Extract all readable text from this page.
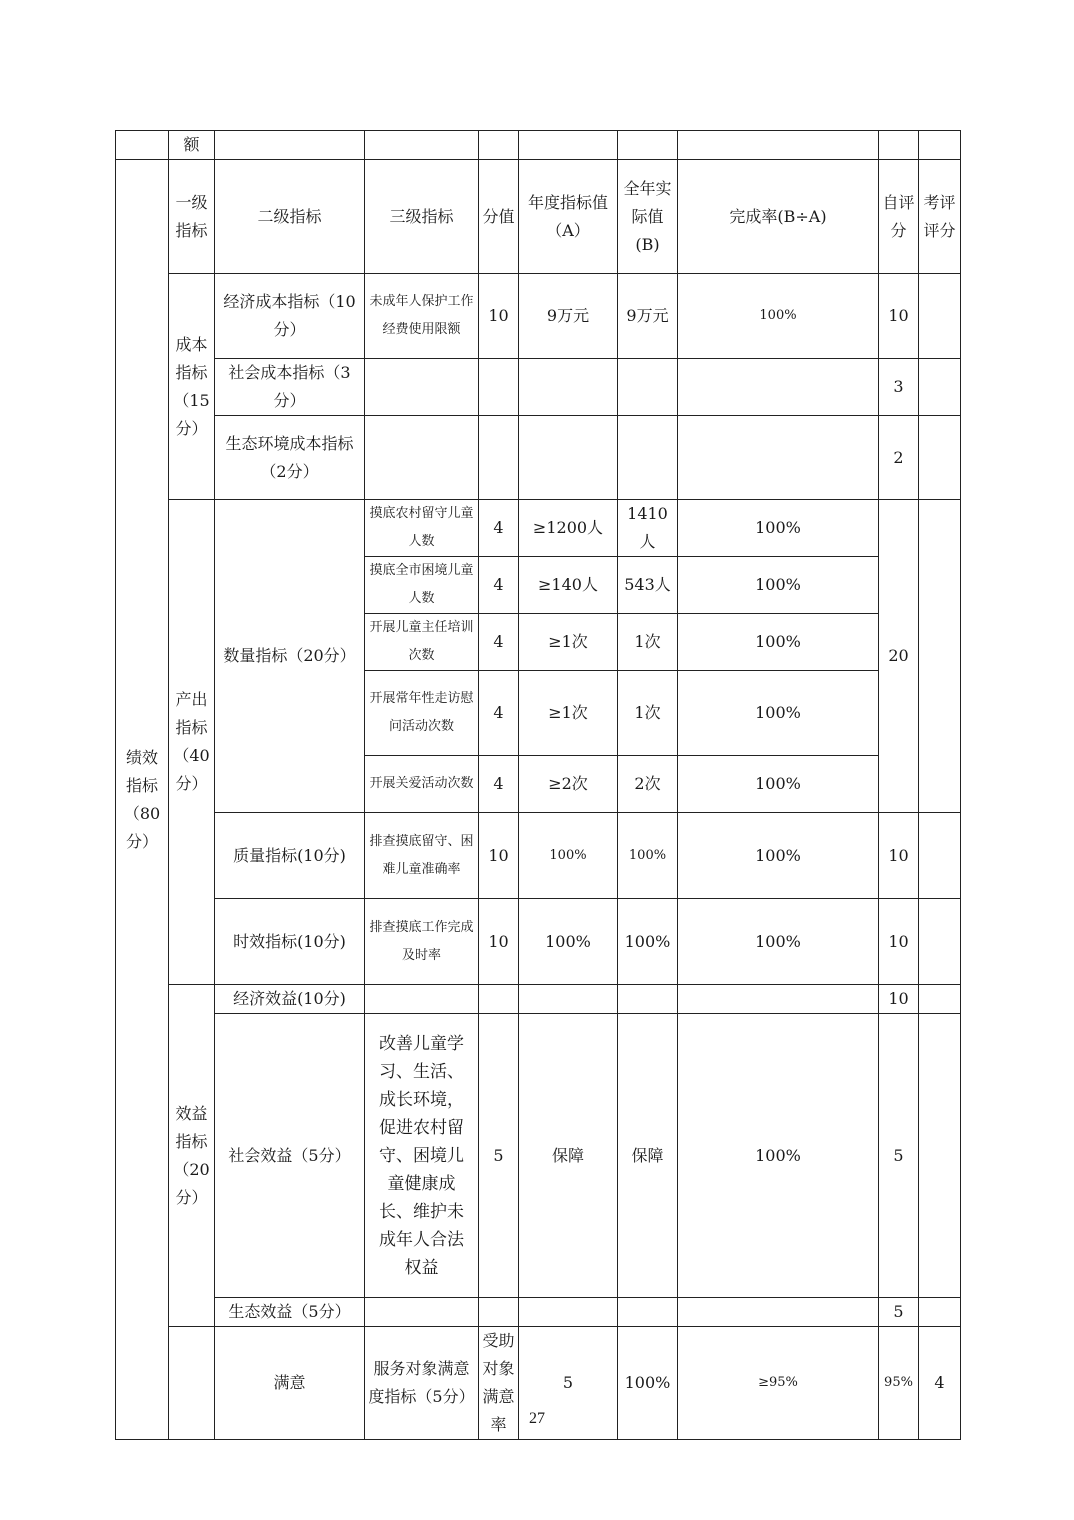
	额									
绩效指标（80分）	一级指标	二级指标	三级指标	分值	年度指标值（A）	全年实际值(B)	完成率(B÷A)	自评分	考评评分	
	成本指标（15分）	经济成本指标（10分）	未成年人保护工作经费使用限额	10	9万元	9万元	100%	10		
		社会成本指标（3分）						3		
		生态环境成本指标（2分）						2		
	产出指标（40分）	数量指标（20分）	摸底农村留守儿童人数	4	≥1200人	1410人	100%	20		
			摸底全市困境儿童人数	4	≥140人	543人	100%			
			开展儿童主任培训次数	4	≥1次	1次	100%			
			开展常年性走访慰问活动次数	4	≥1次	1次	100%			
			开展关爱活动次数	4	≥2次	2次	100%			
		质量指标(10分)	排查摸底留守、困难儿童准确率	10	100%	100%	100%	10		
		时效指标(10分)	排查摸底工作完成及时率	10	100%	100%	100%	10		
	效益指标（20分）	经济效益(10分)						10		
		社会效益（5分）	改善儿童学习、生活、成长环境，促进农村留守、困境儿童健康成长、维护未成年人合法权益	5	保障	保障	100%	5		
		生态效益（5分）						5		
		满意	服务对象满意度指标（5分）	受助对象满意率	5	100%	≥95%	95%	4	
27
